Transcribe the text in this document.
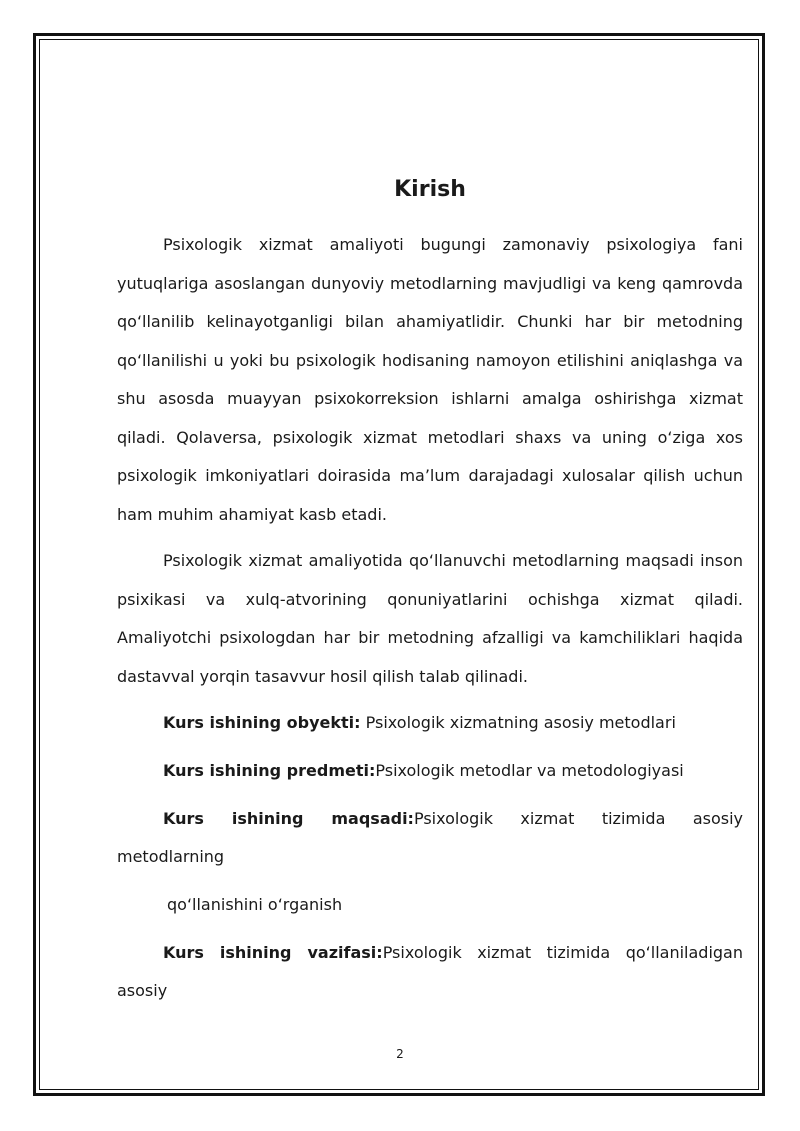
Kirish

Psixologik xizmat amaliyoti bugungi zamonaviy psixologiya fani yutuqlariga asoslangan dunyoviy metodlarning mavjudligi va keng qamrovda qo‘llanilib kelinayotganligi bilan ahamiyatlidir. Chunki har bir metodning qo‘llanilishi u yoki bu psixologik hodisaning namoyon etilishini aniqlashga va shu asosda muayyan psixokorreksion ishlarni amalga oshirishga xizmat qiladi. Qolaversa, psixologik xizmat metodlari shaxs va uning o‘ziga xos psixologik imkoniyatlari doirasida ma’lum darajadagi xulosalar qilish uchun ham muhim ahamiyat kasb etadi.

Psixologik xizmat amaliyotida qo‘llanuvchi metodlarning maqsadi inson psixikasi va xulq-atvorining qonuniyatlarini ochishga xizmat qiladi. Amaliyotchi psixologdan har bir metodning afzalligi va kamchiliklari haqida dastavval yorqin tasavvur hosil qilish talab qilinadi.

Kurs ishining obyekti: Psixologik xizmatning asosiy metodlari
Kurs ishining predmeti:Psixologik metodlar va metodologiyasi
Kurs ishining maqsadi:Psixologik xizmat tizimida asosiy
metodlarning
qo‘llanishini o‘rganish
Kurs ishining vazifasi:Psixologik xizmat tizimida qo‘llaniladigan
asosiy
2
